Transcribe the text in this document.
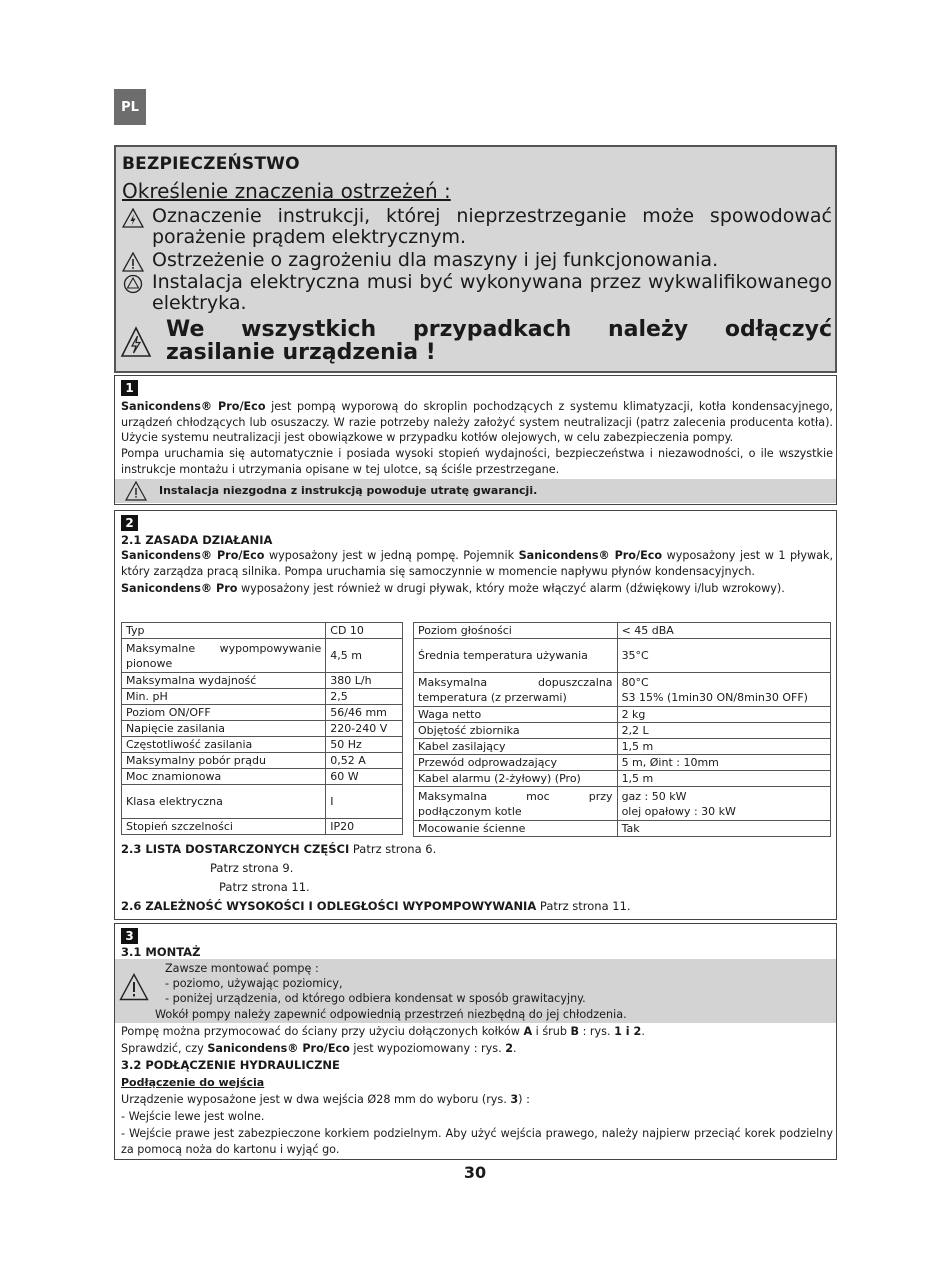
PL
BEZPIECZEŃSTWO
Określenie znaczenia ostrzeżeń :
Oznaczenie instrukcji, której nieprzestrzeganie może spowodować porażenie prądem elektrycznym.
Ostrzeżenie o zagrożeniu dla maszyny i jej funkcjonowania.
Instalacja elektryczna musi być wykonywana przez wykwalifikowanego elektryka.
We wszystkich przypadkach należy odłączyć zasilanie urządzenia !
1
Sanicondens® Pro/Eco jest pompą wyporową do skroplin pochodzących z systemu klimatyzacji, kotła kondensacyjnego, urządzeń chłodzących lub osuszaczy. W razie potrzeby należy założyć system neutralizacji (patrz zalecenia producenta kotła). Użycie systemu neutralizacji jest obowiązkowe w przypadku kotłów olejowych, w celu zabezpieczenia pompy.
Pompa uruchamia się automatycznie i posiada wysoki stopień wydajności, bezpieczeństwa i niezawodności, o ile wszystkie instrukcje montażu i utrzymania opisane w tej ulotce, są ściśle przestrzegane.
Instalacja niezgodna z instrukcją powoduje utratę gwarancji.
2
2.1 ZASADA DZIAŁANIA
Sanicondens® Pro/Eco wyposażony jest w jedną pompę. Pojemnik Sanicondens® Pro/Eco wyposażony jest w 1 pływak, który zarządza pracą silnika. Pompa uruchamia się samoczynnie w momencie napływu płynów kondensacyjnych.
Sanicondens® Pro wyposażony jest również w drugi pływak, który może włączyć alarm (dźwiękowy i/lub wzrokowy).
Typ	CD 10
Maksymalne wypompowywanie pionowe	4,5 m
Maksymalna wydajność	380 L/h
Min. pH	2,5
Poziom ON/OFF	56/46 mm
Napięcie zasilania	220-240 V
Częstotliwość zasilania	50 Hz
Maksymalny pobór prądu	0,52 A
Moc znamionowa	60 W
Klasa elektryczna	I
Stopień szczelności	IP20
Poziom głośności	< 45 dBA
Średnia temperatura używania	35°C
Maksymalna dopuszczalna temperatura (z przerwami)	80°C
S3 15% (1min30 ON/8min30 OFF)

Waga netto	2 kg
Objętość zbiornika	2,2 L
Kabel zasilający	1,5 m
Przewód odprowadzający	5 m, Øint : 10mm
Kabel alarmu (2-żyłowy) (Pro)	1,5 m
Maksymalna moc przy podłączonym kotle	gaz : 50 kW
olej opałowy : 30 kW

Mocowanie ścienne	Tak
2.3 LISTA DOSTARCZONYCH CZĘŚCI Patrz strona 6.
Patrz strona 9.
Patrz strona 11.
2.6 ZALEŻNOŚĆ WYSOKOŚCI I ODLEGŁOŚCI WYPOMPOWYWANIA Patrz strona 11.
3
3.1 MONTAŻ
Zawsze montować pompę :
- poziomo, używając poziomicy,
- poniżej urządzenia, od którego odbiera kondensat w sposób grawitacyjny.
Wokół pompy należy zapewnić odpowiednią przestrzeń niezbędną do jej chłodzenia.
Pompę można przymocować do ściany przy użyciu dołączonych kołków A i śrub B : rys. 1 i 2.
Sprawdzić, czy Sanicondens® Pro/Eco jest wypoziomowany : rys. 2.
3.2 PODŁĄCZENIE HYDRAULICZNE
Podłączenie do wejścia
Urządzenie wyposażone jest w dwa wejścia Ø28 mm do wyboru (rys. 3) :
- Wejście lewe jest wolne.
- Wejście prawe jest zabezpieczone korkiem podzielnym. Aby użyć wejścia prawego, należy najpierw przeciąć korek podzielny za pomocą noża do kartonu i wyjąć go.
30
